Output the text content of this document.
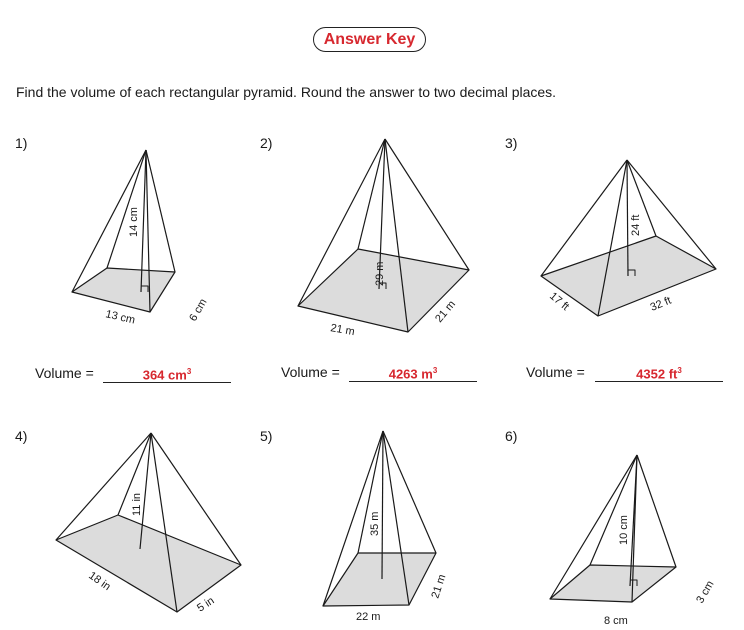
Answer Key
Find the volume of each rectangular pyramid. Round the answer to two decimal places.
1)	2)	3)
4)	5)	6)
14 cm
13 cm	6 cm
29 m
21 m
21 m
24 ft
17 ft	32 ft
11 in
18 in
5 in
35 m
22 m
21 m
10 cm
8 cm
3 cm
Volume =	364 $cm^3$	Volume =	4263 $m^3$	Volume =	4352 $ft^3$
